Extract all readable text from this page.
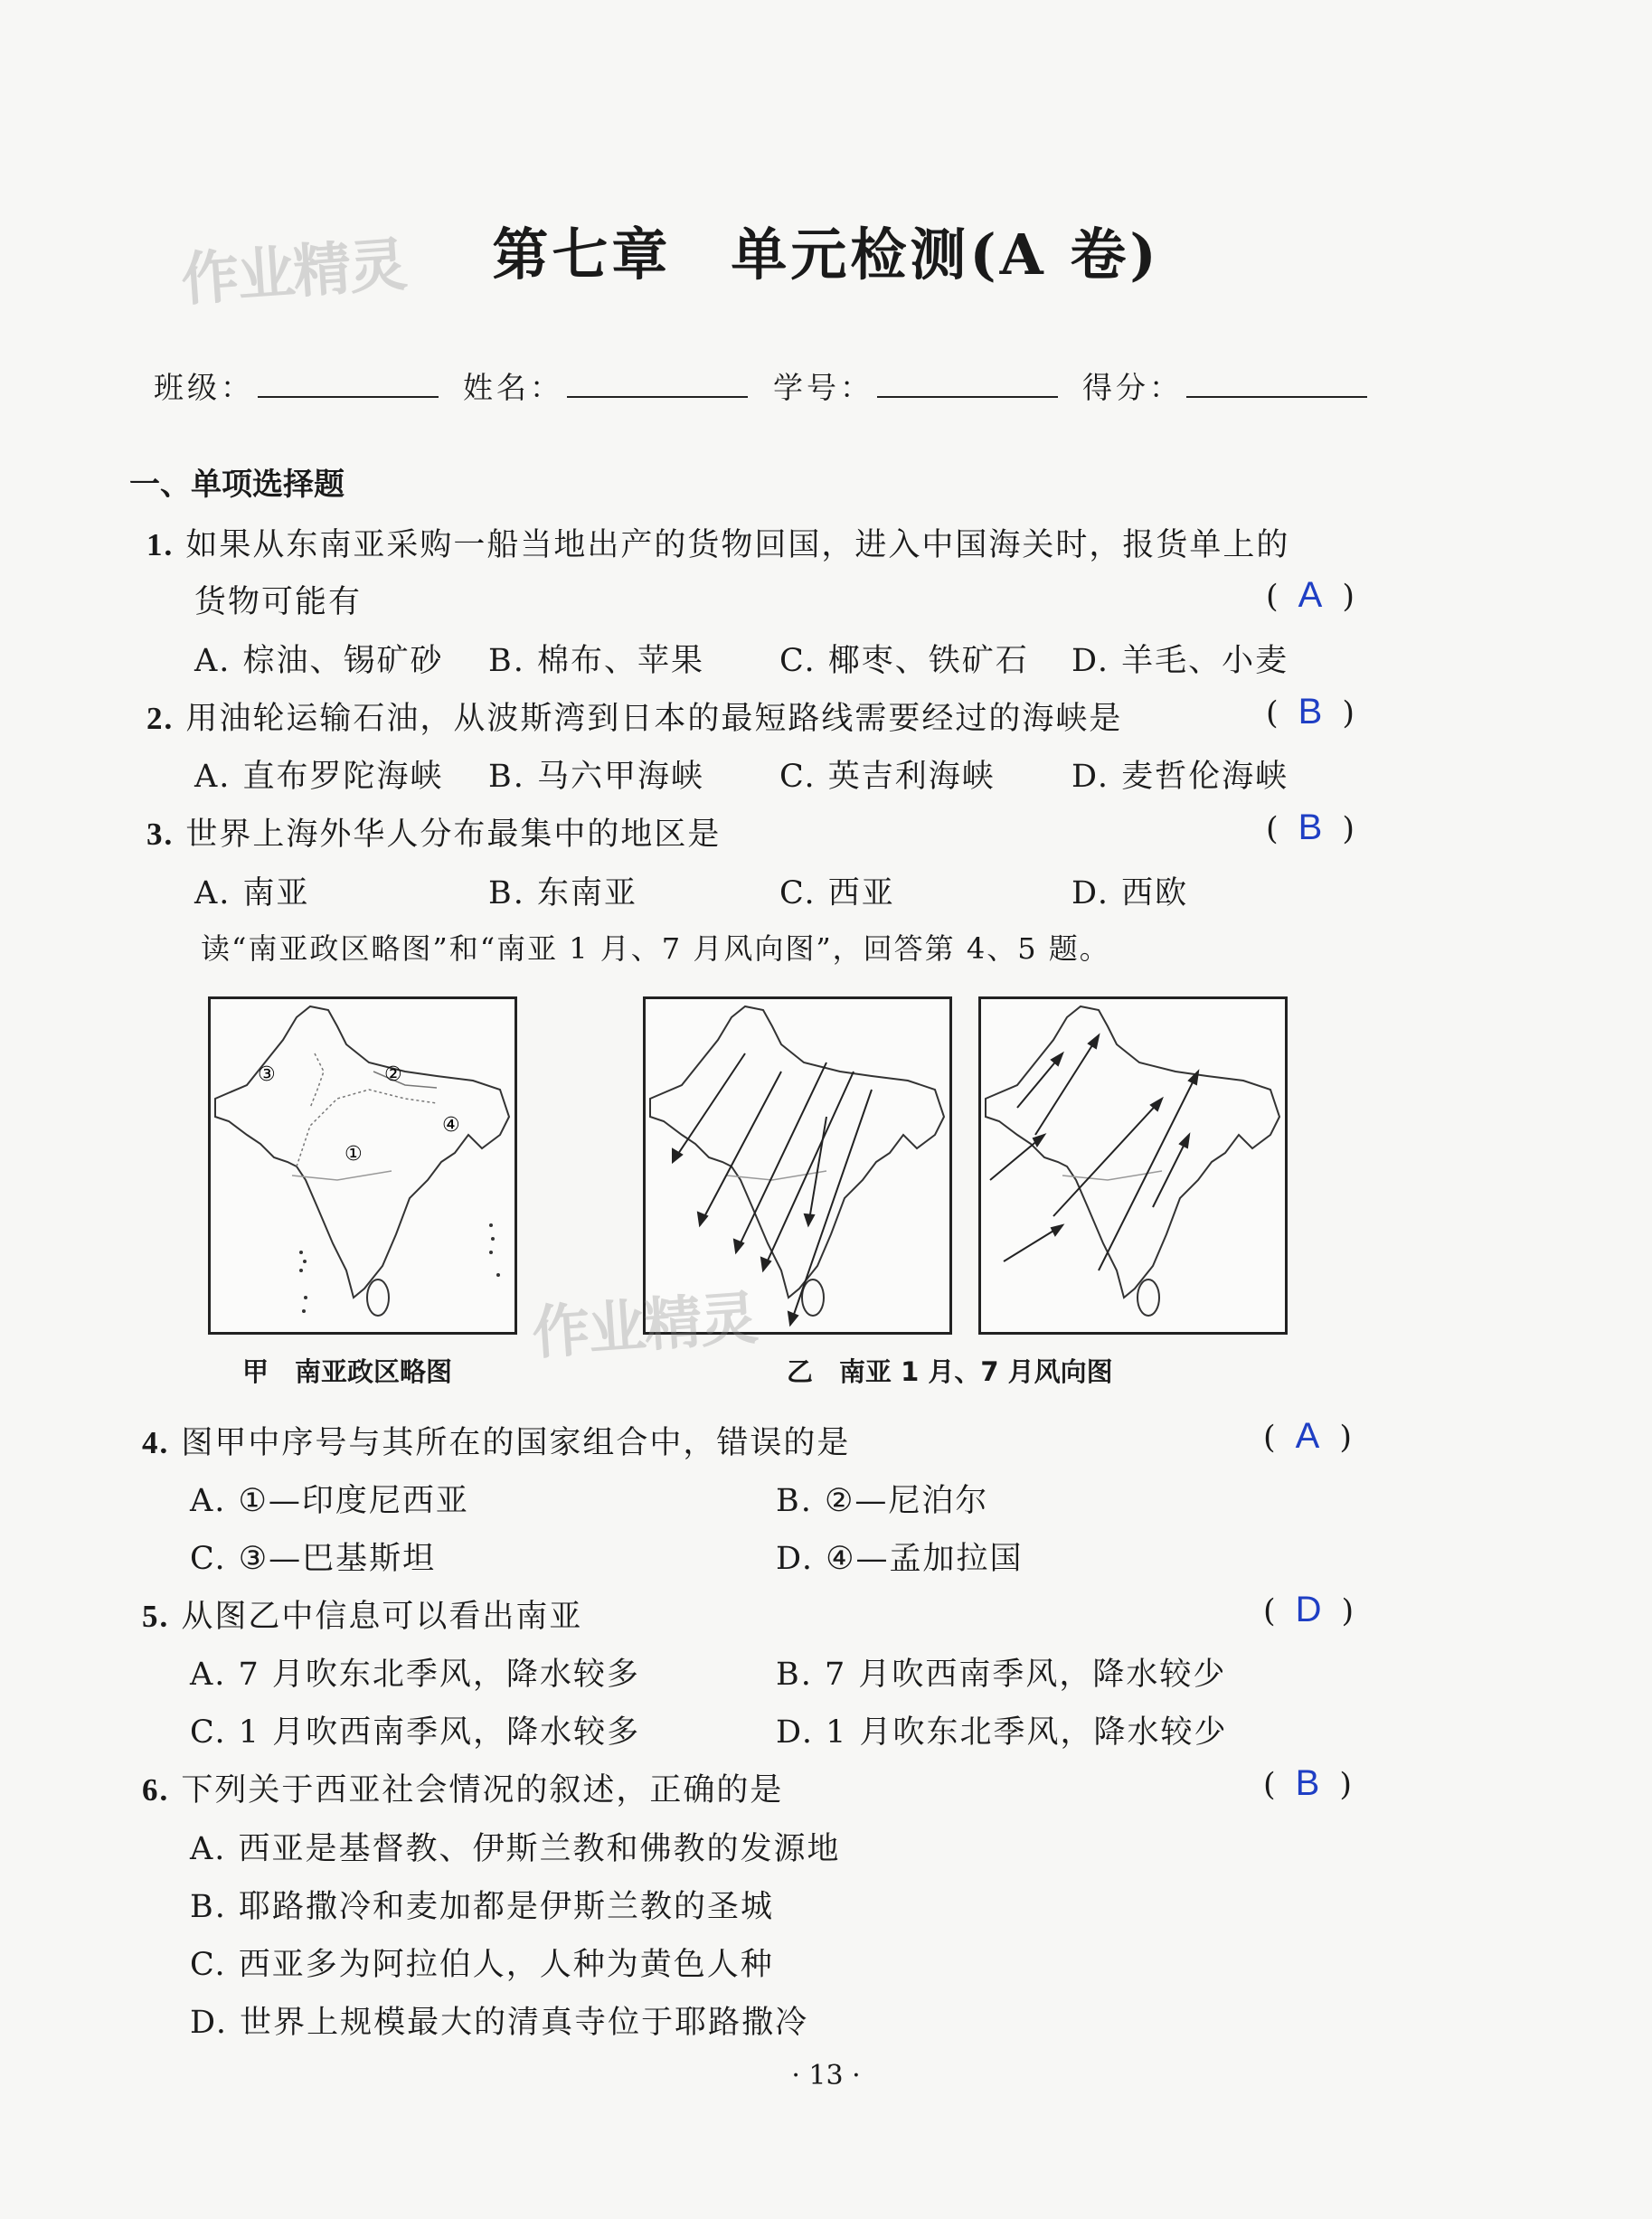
作业精灵	第七章　单元检测(A 卷)
班级：	姓名：	学号：	得分：
一、单项选择题
1. 如果从东南亚采购一船当地出产的货物回国，进入中国海关时，报货单上的
货物可能有	( A )
A. 棕油、锡矿砂 B. 棉布、苹果 C. 椰枣、铁矿石 D. 羊毛、小麦
2. 用油轮运输石油，从波斯湾到日本的最短路线需要经过的海峡是	( B )
A. 直布罗陀海峡 B. 马六甲海峡 C. 英吉利海峡 D. 麦哲伦海峡
3. 世界上海外华人分布最集中的地区是	( B )
A. 南亚	B. 东南亚	C. 西亚	D. 西欧
读“南亚政区略图”和“南亚 1 月、7 月风向图”，回答第 4、5 题。
③	②
④
①
作业精灵
甲　南亚政区略图	乙　南亚 1 月、7 月风向图
4. 图甲中序号与其所在的国家组合中，错误的是	( A )
A. ①—印度尼西亚	B. ②—尼泊尔
C. ③—巴基斯坦	D. ④—孟加拉国
5. 从图乙中信息可以看出南亚	( D )
A. 7 月吹东北季风，降水较多	B. 7 月吹西南季风，降水较少
C. 1 月吹西南季风，降水较多	D. 1 月吹东北季风，降水较少
6. 下列关于西亚社会情况的叙述，正确的是	( B )
A. 西亚是基督教、伊斯兰教和佛教的发源地
B. 耶路撒冷和麦加都是伊斯兰教的圣城
C. 西亚多为阿拉伯人，人种为黄色人种
D. 世界上规模最大的清真寺位于耶路撒冷
· 13 ·
